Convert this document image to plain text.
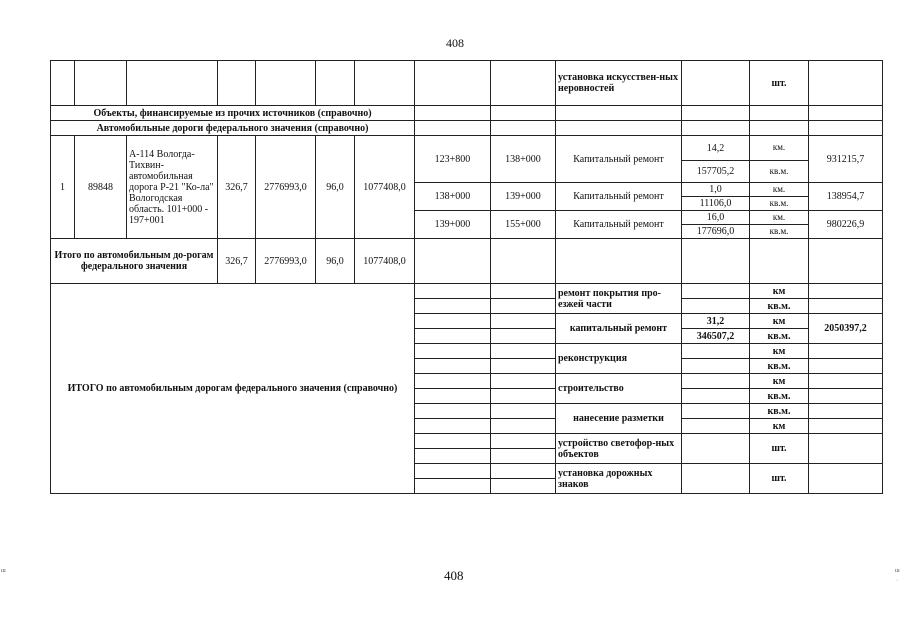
408
									установка искусствен-ных неровностей		шт.	
Объекты, финансируемые из прочих источников (справочно)												
Автомобильные дороги федерального значения (справочно)												
1	89848	А-114 Вологда-Тихвин-автомобильная дорога Р-21 "Ко-ла" Вологодская область. 101+000 - 197+001	326,7	2776993,0	96,0	1077408,0	123+800	138+000	Капитальный ремонт	14,2	км.	931215,7
										157705,2	кв.м.	
							138+000	139+000	Капитальный ремонт	1,0	км.	138954,7
										11106,0	кв.м.	
							139+000	155+000	Капитальный ремонт	16,0	км.	980226,9
										177696,0	кв.м.	
Итого по автомобильным до-рогам федерального значения			326,7	2776993,0	96,0	1077408,0						
ИТОГО по автомобильным дорогам федерального значения (справочно)									ремонт покрытия про-езжей части		км	
											кв.м.	
									капитальный ремонт	31,2	км	2050397,2
										346507,2	кв.м.	
									реконструкция		км	
											кв.м.	
									строительство		км	
											кв.м.	
									нанесение разметки		кв.м.	
											км	
									устройство светофор-ных объектов		шт.	

									установка дорожных знаков		шт.	

408
ш	ш
·
